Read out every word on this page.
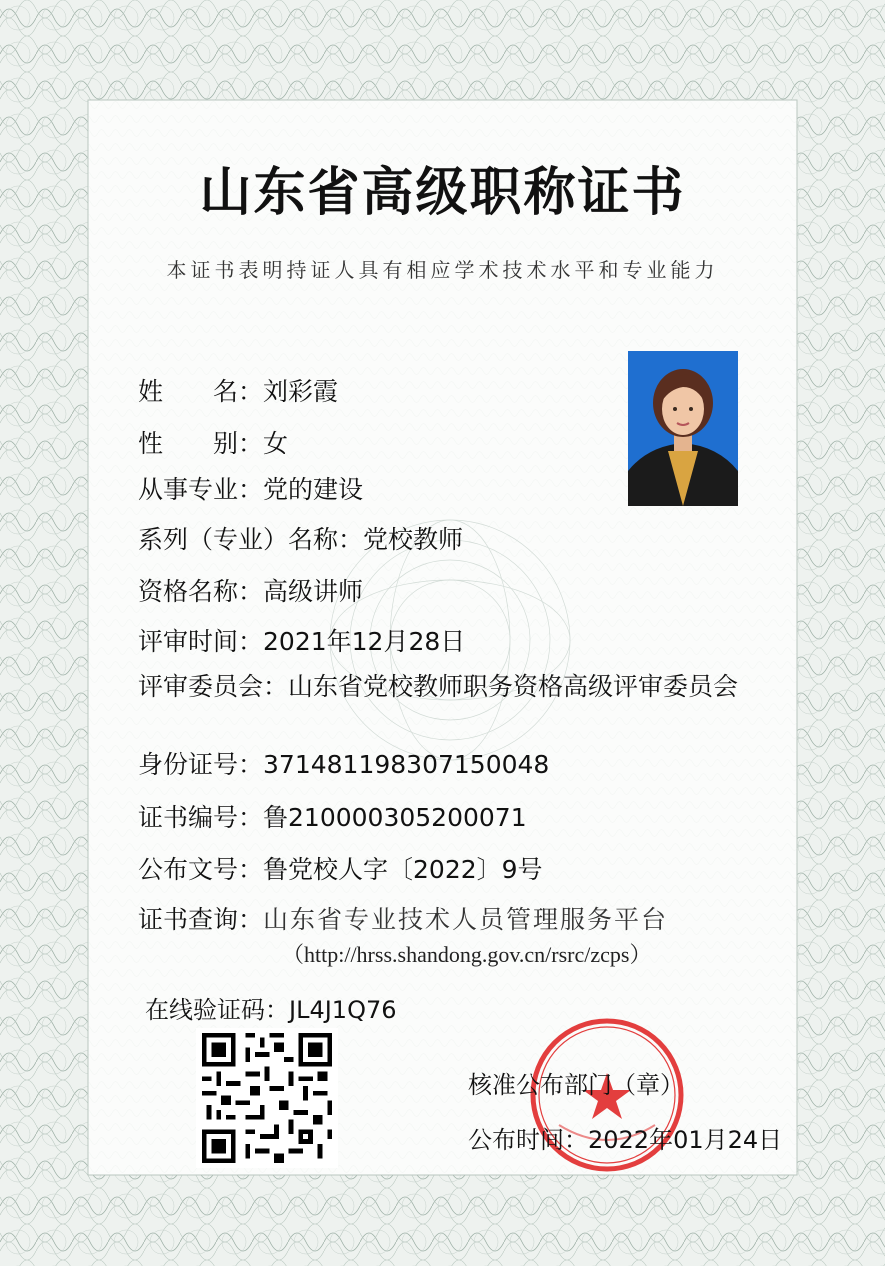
山东省高级职称证书
本证书表明持证人具有相应学术技术水平和专业能力
姓　　名：刘彩霞
性　　别：女
从事专业：党的建设
系列（专业）名称：党校教师
资格名称：高级讲师
评审时间：2021年12月28日
评审委员会：山东省党校教师职务资格高级评审委员会
身份证号：371481198307150048
证书编号：鲁210000305200071
公布文号：鲁党校人字〔2022〕9号
证书查询：山东省专业技术人员管理服务平台
（http://hrss.shandong.gov.cn/rsrc/zcps）
在线验证码：JL4J1Q76
核准公布部门（章）
公布时间：2022年01月24日
